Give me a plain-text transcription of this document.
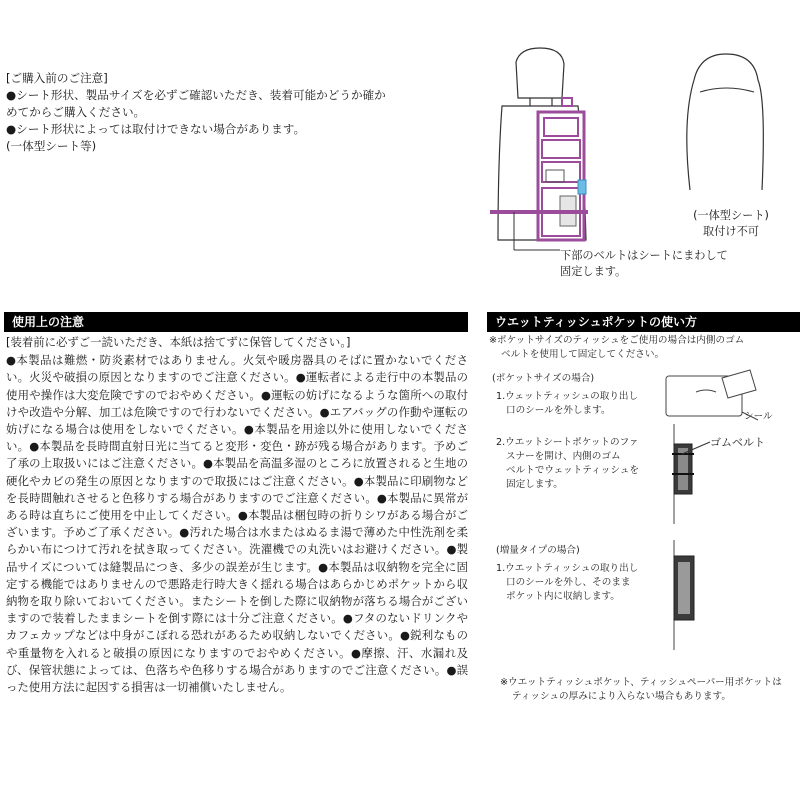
[ご購入前のご注意]
●シート形状、製品サイズを必ずご確認いただき、装着可能かどうか確か
めてからご購入ください。
●シート形状によっては取付けできない場合があります。
(一体型シート等)
(一体型シート)
取付け不可
下部のベルトはシートにまわして
固定します。
使用上の注意
[装着前に必ずご一読いただき、本紙は捨てずに保管してください。]
●本製品は難燃・防炎素材ではありません。火気や暖房器具のそばに置かないでください。火災や破損の原因となりますのでご注意ください。●運転者による走行中の本製品の使用や操作は大変危険ですのでおやめください。●運転の妨げになるような箇所への取付けや改造や分解、加工は危険ですので行わないでください。●エアバッグの作動や運転の妨げになる場合は使用をしないでください。●本製品を用途以外に使用しないでください。●本製品を長時間直射日光に当てると変形・変色・跡が残る場合があります。予めご了承の上取扱いにはご注意ください。●本製品を高温多湿のところに放置されると生地の硬化やカビの発生の原因となりますので取扱にはご注意ください。●本製品に印刷物などを長時間触れさせると色移りする場合がありますのでご注意ください。●本製品に異常がある時は直ちにご使用を中止してください。●本製品は梱包時の折りシワがある場合がございます。予めご了承ください。●汚れた場合は水またはぬるま湯で薄めた中性洗剤を柔らかい布につけて汚れを拭き取ってください。洗濯機での丸洗いはお避けください。●製品サイズについては縫製品につき、多少の誤差が生じます。●本製品は収納物を完全に固定する機能ではありませんので悪路走行時大きく揺れる場合はあらかじめポケットから収納物を取り除いておいてください。またシートを倒した際に収納物が落ちる場合がございますので装着したままシートを倒す際には十分ご注意ください。●フタのないドリンクやカフェカップなどは中身がこぼれる恐れがあるため収納しないでください。●鋭利なものや重量物を入れると破損の原因になりますのでおやめください。●摩擦、汗、水漏れ及び、保管状態によっては、色落ちや色移りする場合がありますのでご注意ください。●誤った使用方法に起因する損害は一切補償いたしません。
ウエットティッシュポケットの使い方
※ポケットサイズのティッシュをご使用の場合は内側のゴム
ベルトを使用して固定してください。
(ポケットサイズの場合)
1.ウェットティッシュの取り出し
口のシールを外します。
シール
2.ウエットシートポケットのファ
スナーを開け、内側のゴム
ベルトでウェットティッシュを
固定します。
ゴムベルト
(増量タイプの場合)
1.ウエットティッシュの取り出し
口のシールを外し、そのまま
ポケット内に収納します。
※ウエットティッシュポケット、ティッシュペーパー用ポケットは
ティッシュの厚みにより入らない場合もあります。
